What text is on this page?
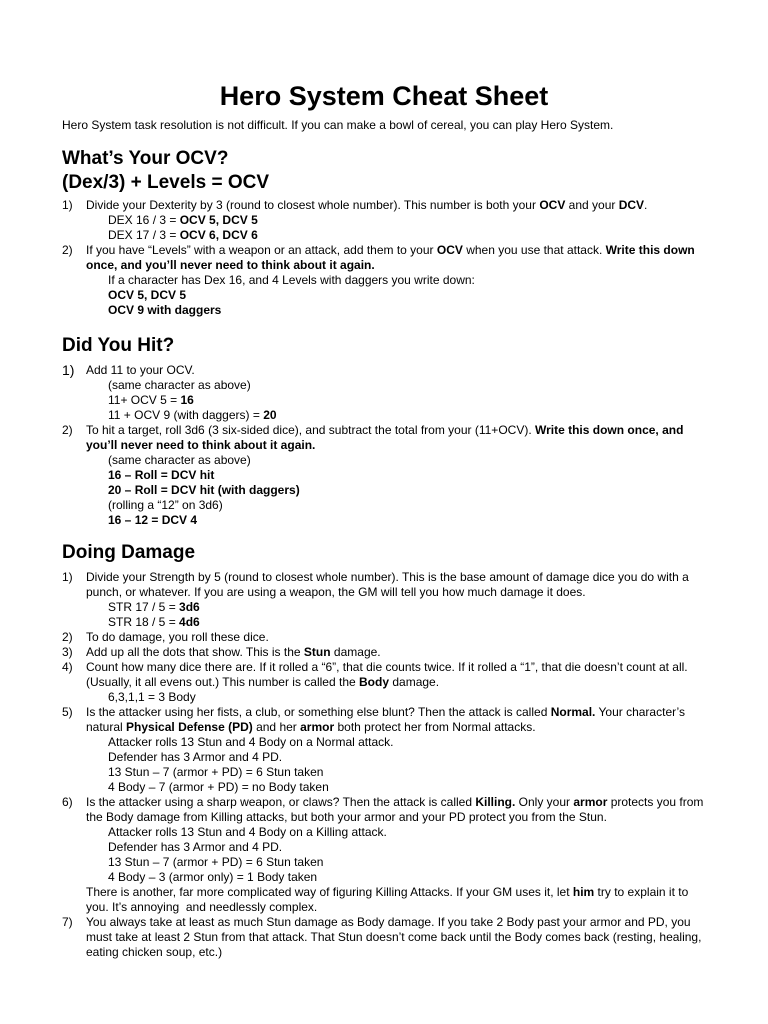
Hero System Cheat Sheet
Hero System task resolution is not difficult. If you can make a bowl of cereal, you can play Hero System.
What’s Your OCV?
(Dex/3) + Levels = OCV
1) Divide your Dexterity by 3 (round to closest whole number). This number is both your OCV and your DCV.
DEX 16 / 3 = OCV 5, DCV 5
DEX 17 / 3 = OCV 6, DCV 6
2) If you have “Levels” with a weapon or an attack, add them to your OCV when you use that attack. Write this down once, and you’ll never need to think about it again.
If a character has Dex 16, and 4 Levels with daggers you write down:
OCV 5, DCV 5
OCV 9 with daggers
Did You Hit?
1) Add 11 to your OCV.
(same character as above)
11+ OCV 5 = 16
11 + OCV 9 (with daggers) = 20
2) To hit a target, roll 3d6 (3 six-sided dice), and subtract the total from your (11+OCV). Write this down once, and you’ll never need to think about it again.
(same character as above)
16 – Roll = DCV hit
20 – Roll = DCV hit (with daggers)
(rolling a “12” on 3d6)
16 – 12 = DCV 4
Doing Damage
1) Divide your Strength by 5 (round to closest whole number). This is the base amount of damage dice you do with a punch, or whatever. If you are using a weapon, the GM will tell you how much damage it does.
STR 17 / 5 = 3d6
STR 18 / 5 = 4d6
2) To do damage, you roll these dice.
3) Add up all the dots that show. This is the Stun damage.
4) Count how many dice there are. If it rolled a “6”, that die counts twice. If it rolled a “1”, that die doesn’t count at all. (Usually, it all evens out.) This number is called the Body damage.
6,3,1,1 = 3 Body
5) Is the attacker using her fists, a club, or something else blunt? Then the attack is called Normal. Your character’s natural Physical Defense (PD) and her armor both protect her from Normal attacks.
Attacker rolls 13 Stun and 4 Body on a Normal attack.
Defender has 3 Armor and 4 PD.
13 Stun – 7 (armor + PD) = 6 Stun taken
4 Body – 7 (armor + PD) = no Body taken
6) Is the attacker using a sharp weapon, or claws? Then the attack is called Killing. Only your armor protects you from the Body damage from Killing attacks, but both your armor and your PD protect you from the Stun.
Attacker rolls 13 Stun and 4 Body on a Killing attack.
Defender has 3 Armor and 4 PD.
13 Stun – 7 (armor + PD) = 6 Stun taken
4 Body – 3 (armor only) = 1 Body taken
There is another, far more complicated way of figuring Killing Attacks. If your GM uses it, let him try to explain it to you. It’s annoying  and needlessly complex.
7) You always take at least as much Stun damage as Body damage. If you take 2 Body past your armor and PD, you must take at least 2 Stun from that attack. That Stun doesn’t come back until the Body comes back (resting, healing, eating chicken soup, etc.)
